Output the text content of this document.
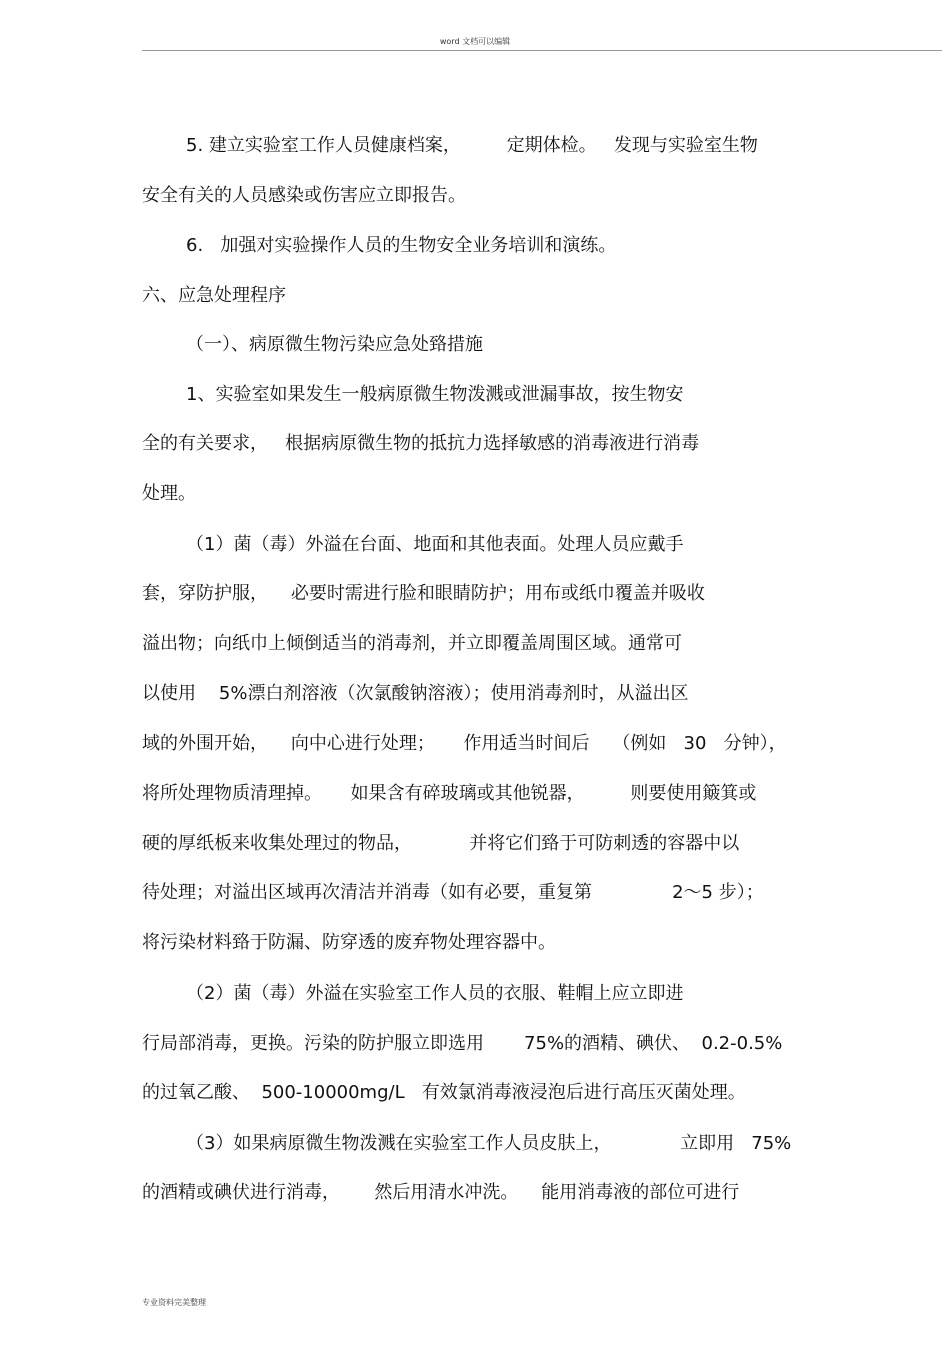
word 文档可以编辑
5. 建立实验室工作人员健康档案，        定期体检。   发现与实验室生物
安全有关的人员感染或伤害应立即报告。
6.   加强对实验操作人员的生物安全业务培训和演练。
六、应急处理程序
（一）、病原微生物污染应急处臵措施
1、实验室如果发生一般病原微生物泼溅或泄漏事故，按生物安
全的有关要求，   根据病原微生物的抵抗力选择敏感的消毒液进行消毒
处理。
（1）菌（毒）外溢在台面、地面和其他表面。处理人员应戴手
套，穿防护服，    必要时需进行脸和眼睛防护；用布或纸巾覆盖并吸收
溢出物；向纸巾上倾倒适当的消毒剂，并立即覆盖周围区域。通常可
以使用    5%漂白剂溶液（次氯酸钠溶液）；使用消毒剂时，从溢出区
域的外围开始，    向中心进行处理；     作用适当时间后    （例如   30   分钟），
将所处理物质清理掉。     如果含有碎玻璃或其他锐器，        则要使用簸箕或
硬的厚纸板来收集处理过的物品，          并将它们臵于可防刺透的容器中以
待处理；对溢出区域再次清洁并消毒（如有必要，重复第              2～5 步）；
将污染材料臵于防漏、防穿透的废弃物处理容器中。
（2）菌（毒）外溢在实验室工作人员的衣服、鞋帽上应立即进
行局部消毒，更换。污染的防护服立即选用       75%的酒精、碘伏、  0.2-0.5%
的过氧乙酸、  500-10000mg/L   有效氯消毒液浸泡后进行高压灭菌处理。
（3）如果病原微生物泼溅在实验室工作人员皮肤上，            立即用   75%
的酒精或碘伏进行消毒，      然后用清水冲洗。    能用消毒液的部位可进行
专业资料完美整理
